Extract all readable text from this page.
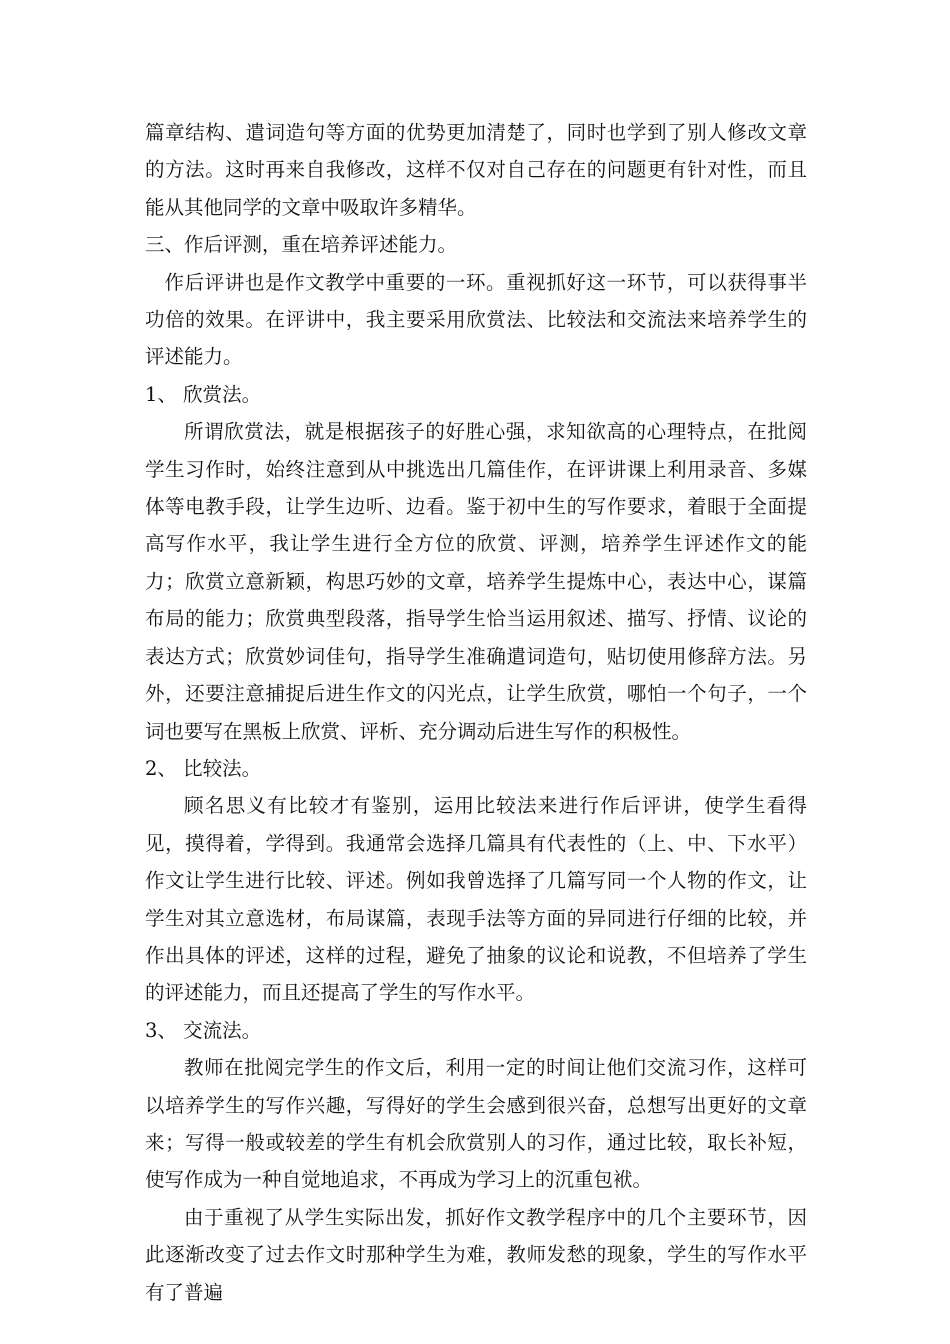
篇章结构、遣词造句等方面的优势更加清楚了，同时也学到了别人修改文章的方法。这时再来自我修改，这样不仅对自己存在的问题更有针对性，而且能从其他同学的文章中吸取许多精华。

三、作后评测，重在培养评述能力。

作后评讲也是作文教学中重要的一环。重视抓好这一环节，可以获得事半功倍的效果。在评讲中，我主要采用欣赏法、比较法和交流法来培养学生的评述能力。

1、 欣赏法。

所谓欣赏法，就是根据孩子的好胜心强，求知欲高的心理特点，在批阅学生习作时，始终注意到从中挑选出几篇佳作，在评讲课上利用录音、多媒体等电教手段，让学生边听、边看。鉴于初中生的写作要求，着眼于全面提高写作水平，我让学生进行全方位的欣赏、评测，培养学生评述作文的能力；欣赏立意新颖，构思巧妙的文章，培养学生提炼中心，表达中心，谋篇布局的能力；欣赏典型段落，指导学生恰当运用叙述、描写、抒情、议论的表达方式；欣赏妙词佳句，指导学生准确遣词造句，贴切使用修辞方法。另外，还要注意捕捉后进生作文的闪光点，让学生欣赏，哪怕一个句子，一个词也要写在黑板上欣赏、评析、充分调动后进生写作的积极性。

2、 比较法。

顾名思义有比较才有鉴别，运用比较法来进行作后评讲，使学生看得见，摸得着，学得到。我通常会选择几篇具有代表性的（上、中、下水平）作文让学生进行比较、评述。例如我曾选择了几篇写同一个人物的作文，让学生对其立意选材，布局谋篇，表现手法等方面的异同进行仔细的比较，并作出具体的评述，这样的过程，避免了抽象的议论和说教，不但培养了学生的评述能力，而且还提高了学生的写作水平。

3、 交流法。

教师在批阅完学生的作文后，利用一定的时间让他们交流习作，这样可以培养学生的写作兴趣，写得好的学生会感到很兴奋，总想写出更好的文章来；写得一般或较差的学生有机会欣赏别人的习作，通过比较，取长补短，使写作成为一种自觉地追求，不再成为学习上的沉重包袱。

由于重视了从学生实际出发，抓好作文教学程序中的几个主要环节，因此逐渐改变了过去作文时那种学生为难，教师发愁的现象，学生的写作水平有了普遍
